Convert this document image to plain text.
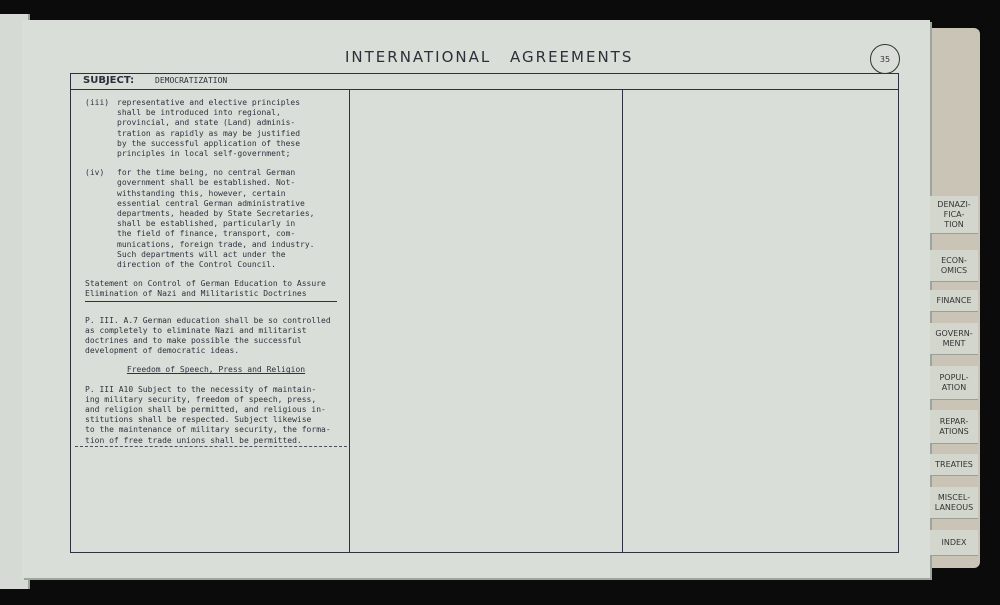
INTERNATIONAL AGREEMENTS	35
SUBJECT:	DEMOCRATIZATION
(iii) representative and elective principles
shall be introduced into regional,
provincial, and state (Land) adminis-
tration as rapidly as may be justified
by the successful application of these
principles in local self-government;
(iv)	for the time being, no central German
government shall be established. Not-
withstanding this, however, certain
essential central German administrative
departments, headed by State Secretaries,
shall be established, particularly in
the field of finance, transport, com-
munications, foreign trade, and industry.
Such departments will act under the
direction of the Control Council.
Statement on Control of German Education to Assure
Elimination of Nazi and Militaristic Doctrines
P. III. A.7 German education shall be so controlled
as completely to eliminate Nazi and militarist
doctrines and to make possible the successful
development of democratic ideas.
Freedom of Speech, Press and Religion
P. III A10 Subject to the necessity of maintain-
ing military security, freedom of speech, press,
and religion shall be permitted, and religious in-
stitutions shall be respected. Subject likewise
to the maintenance of military security, the forma-
tion of free trade unions shall be permitted.
DENAZI-
FICA-
TION
ECON-
OMICS
FINANCE
GOVERN-
MENT
POPUL-
ATION
REPAR-
ATIONS
TREATIES
MISCEL-
LANEOUS
INDEX
